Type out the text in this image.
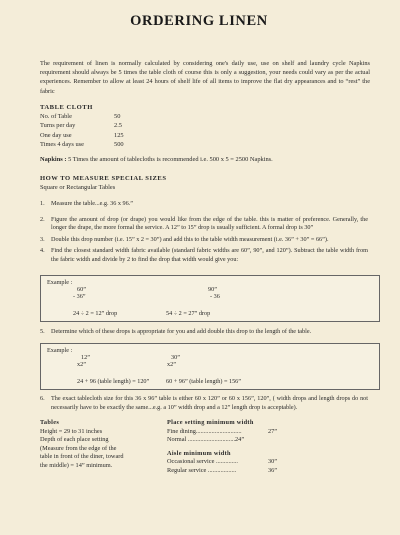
ORDERING LINEN

The requirement of linen is normally calculated by considering one's daily use, use on shelf and laundry cycle Napkins requirement should always be 5 times the table cloth of course this is only a suggestion, your needs could vary as per the actual experiences. Remember to allow at least 24 hours of shelf life of all items to improve the flat dry appearances and to “rest” the fabric

TABLE CLOTH
No. of Table	50
Turns per day	2.5
One day use	125
Times 4 days use	500

Napkins : 5 Times the amount of tablecloths is recommended i.e. 500 x 5 = 2500 Napkins.

HOW TO MEASURE SPECIAL SIZES
Square or Rectangular Tables
1.	Measure the table...e.g. 36 x 96.”
2.	Figure the amount of drop (or drape) you would like from the edge of the table. this is matter of preference. Generally, the longer the drape, the more formal the service. A 12” to 15” drop is usually sufficient. A formal drop is 30”
3.	Double this drop number (i.e. 15” x 2 = 30”) and add this to the table width measurement (i.e. 36” + 30” = 66”).
4.	Find the closest standard width fabric available (standard fabric widths are 60”, 90”, and 120”). Subtract the table width from the fabric width and divide by 2 to find the drop that width would give you:
Example :
60”
- 36”
90”
- 36
24 ÷ 2 = 12” drop	54 ÷ 2 = 27” drop
5.	Determine which of these drops is appropriate for you and add double this drop to the length of the table.
Example :
12”
x2”
30”
x2”
24 + 96 (table length) = 120”	60 + 96” (table length) = 156”
6.	The exact tablecloth size for this 36 x 96” table is either 60 x 120” or 60 x 156”, 120”, ( width drops and length drops do not necessarily have to be exactly the same...e.g. a 10” width drop and a 12” length drop is acceptable).
Tables
Height = 29 to 31 inches
Depth of each place setting
(Measure from the edge of the
table in front of the diner, toward
the middle) = 14” minimum.
Place setting minimum width
Fine dining.............................	27”
Normal ..............................24”
Aisle minimum width
Occasional service ..............	30”
Regular service ..................	36”
